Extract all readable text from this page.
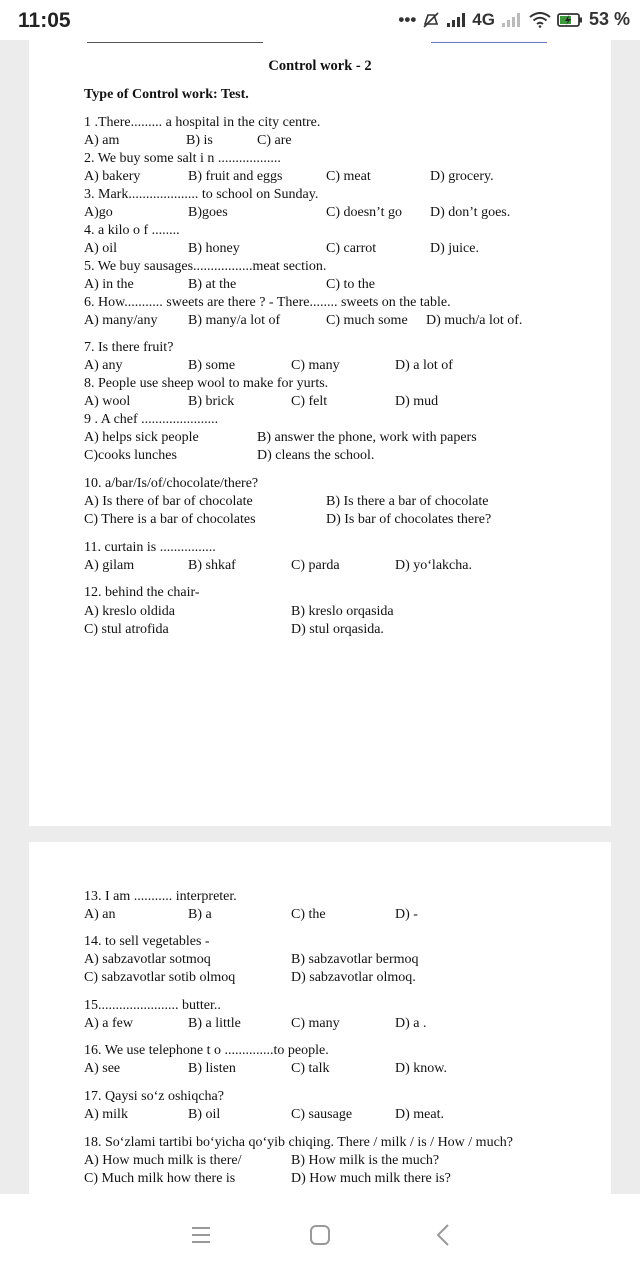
11:05	•••	4G	53 %
Control work - 2
Type of Control work: Test.
1 .There......... a hospital in the city centre.
A) am	B) is	C) are
2. We buy some salt i n ..................
A) bakery	B) fruit and eggs	C) meat	D) grocery.
3. Mark.................... to school on Sunday.
A)go	B)goes	C) doesn’t go D) don’t goes.
4. a kilo o f ........
A) oil	B) honey	C) carrot	D) juice.
5. We buy sausages.................meat section.
A) in the	B) at the	C) to the
6. How........... sweets are there ? - There........ sweets on the table.
A) many/any B) many/a lot of	C) much some D) much/a lot of.
7. Is there fruit?
A) any	B) some	C) many	D) a lot of
8. People use sheep wool to make for yurts.
A) wool	B) brick	C) felt	D) mud
9 . A chef ......................
A) helps sick people	B) answer the phone, work with papers
C)cooks lunches	D) cleans the school.
10. a/bar/Is/of/chocolate/there?
A) Is there of bar of chocolate	B) Is there a bar of chocolate
C) There is a bar of chocolates	D) Is bar of chocolates there?
11. curtain is ................
A) gilam	B) shkaf	C) parda	D) yo‘lakcha.
12. behind the chair-
A) kreslo oldida	B) kreslo orqasida
C) stul atrofida	D) stul orqasida.
13. I am ........... interpreter.
A) an	B) a	C) the	D) -
14. to sell vegetables -
A) sabzavotlar sotmoq	B) sabzavotlar bermoq
C) sabzavotlar sotib olmoq	D) sabzavotlar olmoq.
15....................... butter..
A) a few	B) a little	C) many	D) a .
16. We use telephone t o ..............to people.
A) see	B) listen	C) talk	D) know.
17. Qaysi so‘z oshiqcha?
A) milk	B) oil	C) sausage	D) meat.
18. So‘zlami tartibi bo‘yicha qo‘yib chiqing. There / milk / is / How / much?
A) How much milk is there/	B) How milk is the much?
C) Much milk how there is	D) How much milk there is?
